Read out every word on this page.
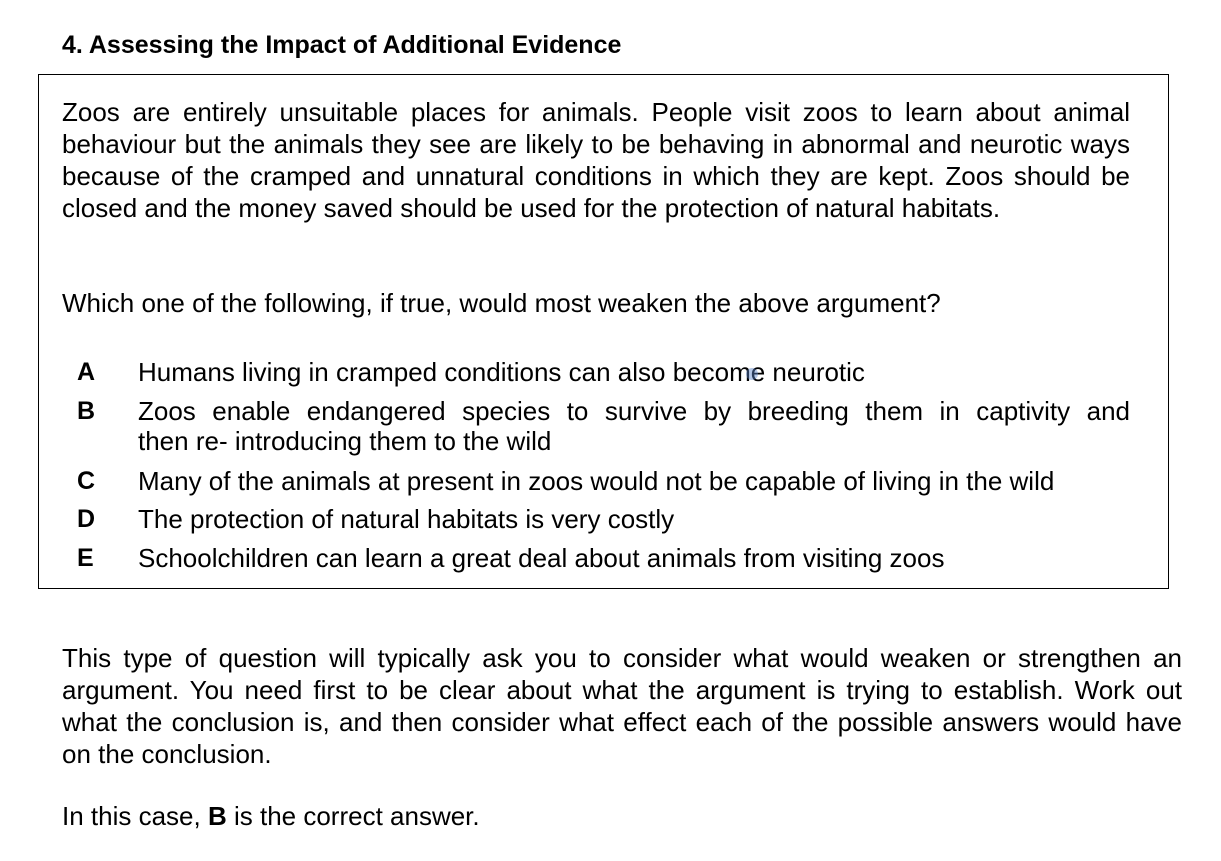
4. Assessing the Impact of Additional Evidence

Zoos are entirely unsuitable places for animals. People visit zoos to learn about animal behaviour but the animals they see are likely to be behaving in abnormal and neurotic ways because of the cramped and unnatural conditions in which they are kept. Zoos should be closed and the money saved should be used for the protection of natural habitats.

Which one of the following, if true, would most weaken the above argument?

A Humans living in cramped conditions can also become neurotic
B Zoos enable endangered species to survive by breeding them in captivity and
then re- introducing them to the wild
C Many of the animals at present in zoos would not be capable of living in the wild
D The protection of natural habitats is very costly
E Schoolchildren can learn a great deal about animals from visiting zoos

This type of question will typically ask you to consider what would weaken or strengthen an argument. You need first to be clear about what the argument is trying to establish. Work out what the conclusion is, and then consider what effect each of the possible answers would have on the conclusion.

In this case, B is the correct answer.
